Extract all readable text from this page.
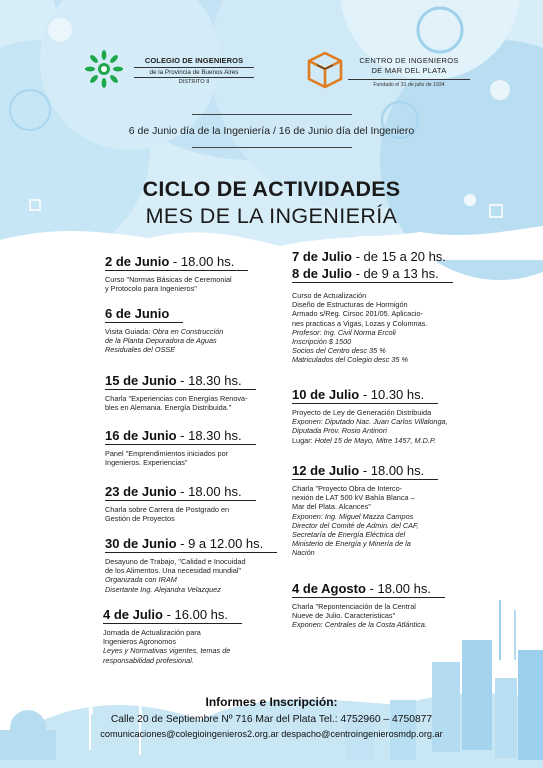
COLEGIO DE INGENIEROS
de la Provincia de Buenos Aires
DISTRITO II
CENTRO DE INGENIEROS
DE MAR DEL PLATA
Fundado el 31 de julio de 1934
6 de Junio día de la Ingeniería / 16 de Junio día del Ingeniero
CICLO DE ACTIVIDADES
MES DE LA INGENIERÍA
2 de Junio - 18.00 hs.
Curso "Normas Básicas de Ceremonial
y Protocolo para Ingenieros"
6 de Junio
Visita Guiada: Obra en Construcción
de la Planta Depuradora de Aguas
Residuales del OSSE
15 de Junio - 18.30 hs.
Charla "Experiencias con Energías Renova-
bles en Alemania. Energía Distribuida."
16 de Junio - 18.30 hs.
Panel "Emprendimientos iniciados por
Ingenieros. Experiencias"
23 de Junio - 18.00 hs.
Charla sobre Carrera de Postgrado en
Gestión de Proyectos
30 de Junio - 9 a 12.00 hs.
Desayuno de Trabajo, "Calidad e Inocuidad
de los Alimentos. Una necesidad mundial"
Organizada con IRAM
Disertante Ing. Alejandra Velazquez
4 de Julio - 16.00 hs.
Jornada de Actualización para
Ingenieros Agronomos
Leyes y Normativas vigentes, temas de
responsabilidad profesional.
7 de Julio - de 15 a 20 hs.
8 de Julio - de 9 a 13 hs.
Curso de Actualización
Diseño de Estructuras de Hormigón
Armado s/Reg. Cirsoc 201/05. Aplicacio-
nes practicas a Vigas, Lozas y Columnas.
Profesor: Ing. Civil Norma Ercoli
Inscripción $ 1500
Socios del Centro desc 35 %
Matriculados del Colegio desc 35 %
10 de Julio - 10.30 hs.
Proyecto de Ley de Generación Distribuida
Exponen: Diputado Nac. Juan Carlos Villalonga,
Diputada Prov. Rosio Antinori
Lugar: Hotel 15 de Mayo, Mitre 1457, M.D.P.
12 de Julio - 18.00 hs.
Charla "Proyecto Obra de Interco-
nexión de LAT 500 kV Bahía Blanca –
Mar del Plata. Alcances"
Exponen: Ing. Miguel Mazza Campos
Director del Comité de Admin. del CAF,
Secretaría de Energía Eléctrica del
Ministerio de Energía y Minería de la
Nación
4 de Agosto - 18.00 hs.
Charla "Repontenciación de la Central
Nueve de Julio. Caracteristicas"
Exponen: Centrales de la Costa Atlántica.
Informes e Inscripción:
Calle 20 de Septiembre Nº 716 Mar del Plata Tel.: 4752960 – 4750877
comunicaciones@colegioingenieros2.org.ar despacho@centroingenierosmdp.org.ar
